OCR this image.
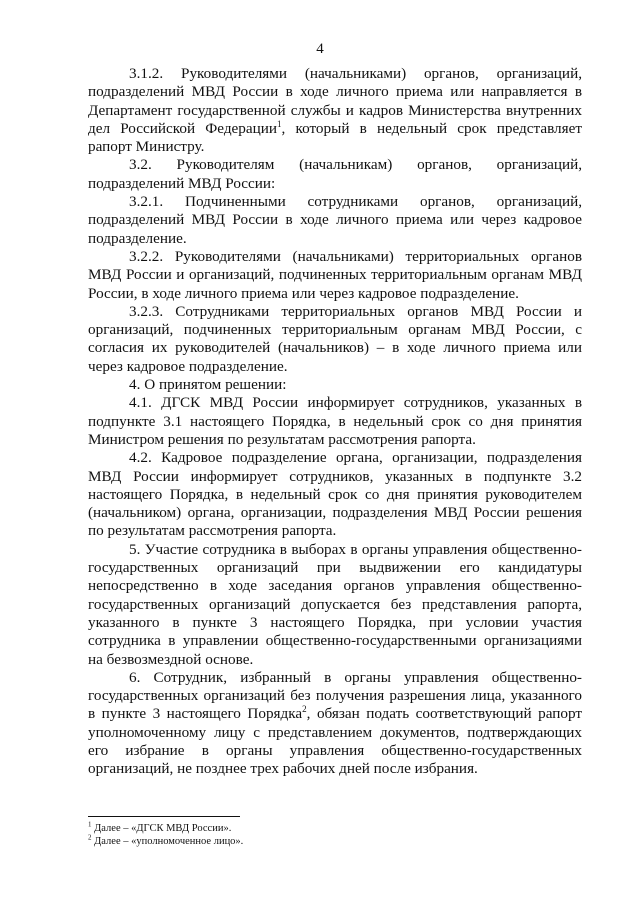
4

3.1.2. Руководителями (начальниками) органов, организаций, подразделений МВД России в ходе личного приема или направляется в Департамент государственной службы и кадров Министерства внутренних дел Российской Федерации$^1$, который в недельный срок представляет рапорт Министру.

3.2. Руководителям (начальникам) органов, организаций, подразделений МВД России:

3.2.1. Подчиненными сотрудниками органов, организаций, подразделений МВД России в ходе личного приема или через кадровое подразделение.

3.2.2. Руководителями (начальниками) территориальных органов МВД России и организаций, подчиненных территориальным органам МВД России, в ходе личного приема или через кадровое подразделение.

3.2.3. Сотрудниками территориальных органов МВД России и организаций, подчиненных территориальным органам МВД России, с согласия их руководителей (начальников) – в ходе личного приема или через кадровое подразделение.

4. О принятом решении:

4.1. ДГСК МВД России информирует сотрудников, указанных в подпункте 3.1 настоящего Порядка, в недельный срок со дня принятия Министром решения по результатам рассмотрения рапорта.

4.2. Кадровое подразделение органа, организации, подразделения МВД России информирует сотрудников, указанных в подпункте 3.2 настоящего Порядка, в недельный срок со дня принятия руководителем (начальником) органа, организации, подразделения МВД России решения по результатам рассмотрения рапорта.

5. Участие сотрудника в выборах в органы управления общественно-государственных организаций при выдвижении его кандидатуры непосредственно в ходе заседания органов управления общественно-государственных организаций допускается без представления рапорта, указанного в пункте 3 настоящего Порядка, при условии участия сотрудника в управлении общественно-государственными организациями на безвозмездной основе.

6. Сотрудник, избранный в органы управления общественно-государственных организаций без получения разрешения лица, указанного в пункте 3 настоящего Порядка$^2$, обязан подать соответствующий рапорт уполномоченному лицу с представлением документов, подтверждающих его избрание в органы управления общественно-государственных организаций, не позднее трех рабочих дней после избрания.

$^1$ Далее – «ДГСК МВД России».

$^2$ Далее – «уполномоченное лицо».
